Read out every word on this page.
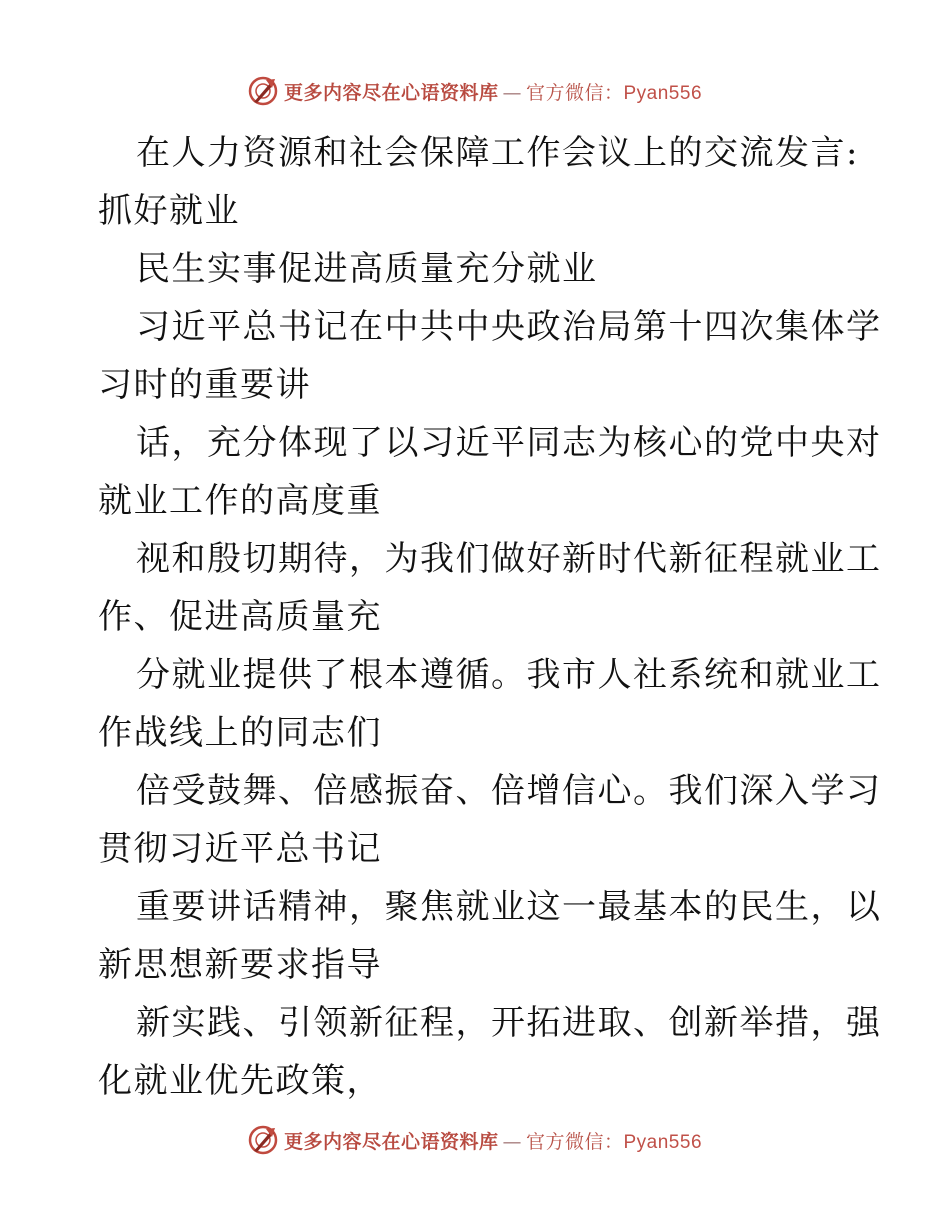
更多内容尽在心语资料库 — 官方微信： Pyan556
在人力资源和社会保障工作会议上的交流发言:
抓好就业
民生实事促进高质量充分就业
习近平总书记在中共中央政治局第十四次集体学
习时的重要讲
话，充分体现了以习近平同志为核心的党中央对
就业工作的高度重
视和殷切期待，为我们做好新时代新征程就业工
作、促进高质量充
分就业提供了根本遵循。我市人社系统和就业工
作战线上的同志们
倍受鼓舞、倍感振奋、倍增信心。我们深入学习
贯彻习近平总书记
重要讲话精神，聚焦就业这一最基本的民生，以
新思想新要求指导
新实践、引领新征程，开拓进取、创新举措，强
化就业优先政策，
更多内容尽在心语资料库 — 官方微信： Pyan556
